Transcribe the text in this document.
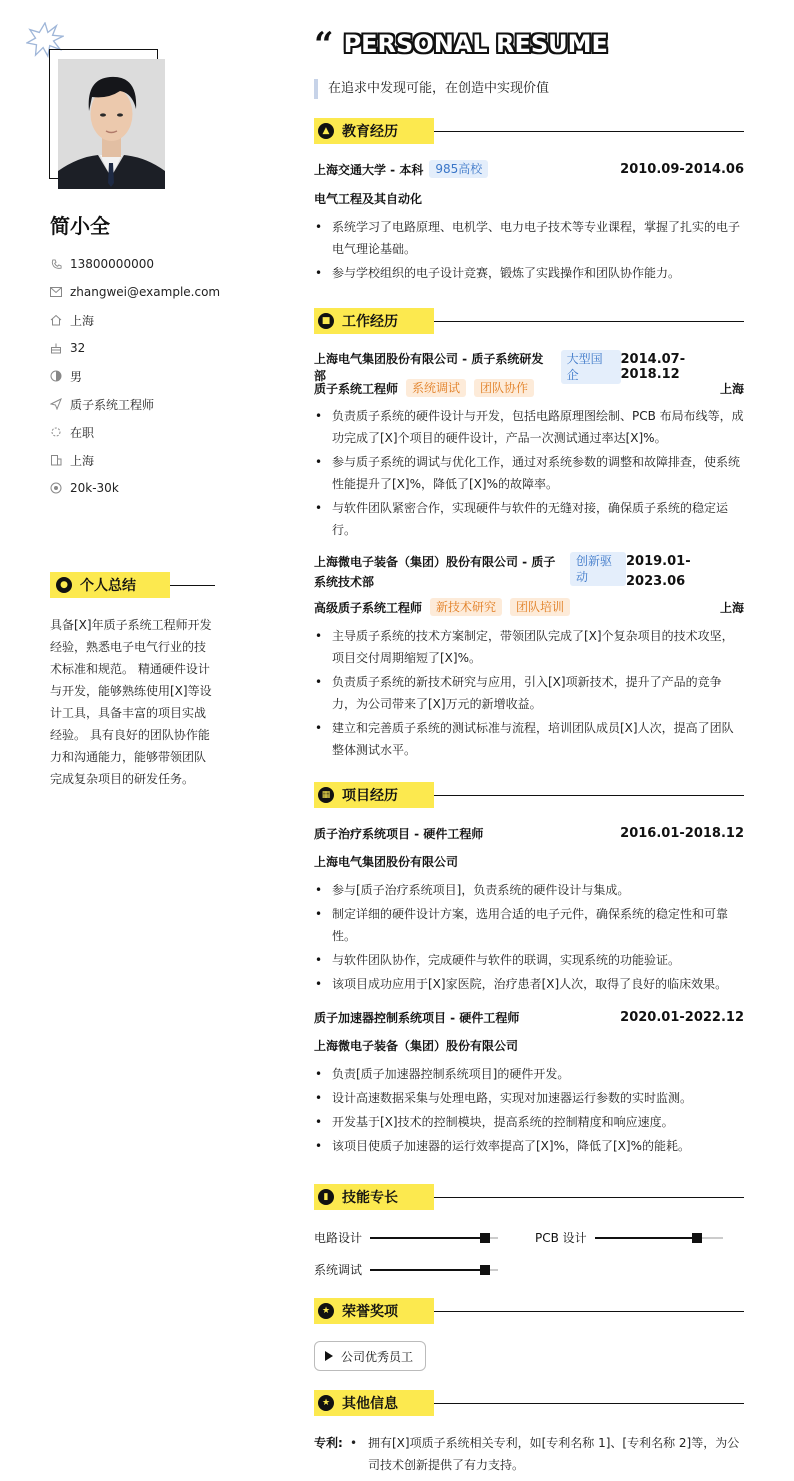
简小全
13800000000
zhangwei@example.com
上海
32
男
质子系统工程师
在职
上海
20k-30k
● 个人总结
具备[X]年质子系统工程师开发经验，熟悉电子电气行业的技术标准和规范。 精通硬件设计与开发，能够熟练使用[X]等设计工具，具备丰富的项目实战经验。 具有良好的团队协作能力和沟通能力，能够带领团队完成复杂项目的研发任务。
“ PERSONAL RESUME
在追求中发现可能，在创造中实现价值
▲ 教育经历
上海交通大学 - 本科	985高校	2010.09-2014.06
电气工程及其自动化
• 系统学习了电路原理、电机学、电力电子技术等专业课程，掌握了扎实的电子电气理论基础。
• 参与学校组织的电子设计竞赛，锻炼了实践操作和团队协作能力。
■ 工作经历
上海电气集团股份有限公司 - 质子系统研发部
大型国企
2014.07-2018.12
质子系统工程师	系统调试	团队协作	上海
• 负责质子系统的硬件设计与开发，包括电路原理图绘制、PCB 布局布线等，成功完成了[X]个项目的硬件设计，产品一次测试通过率达[X]%。
• 参与质子系统的调试与优化工作，通过对系统参数的调整和故障排查，使系统性能提升了[X]%，降低了[X]%的故障率。
• 与软件团队紧密合作，实现硬件与软件的无缝对接，确保质子系统的稳定运行。
上海微电子装备（集团）股份有限公司 - 质子系统技术部
创新驱动
2019.01-2023.06
高级质子系统工程师	新技术研究	团队培训	上海
• 主导质子系统的技术方案制定，带领团队完成了[X]个复杂项目的技术攻坚，项目交付周期缩短了[X]%。
• 负责质子系统的新技术研究与应用，引入[X]项新技术，提升了产品的竞争力，为公司带来了[X]万元的新增收益。
• 建立和完善质子系统的测试标准与流程，培训团队成员[X]人次，提高了团队整体测试水平。
▦ 项目经历
质子治疗系统项目 - 硬件工程师	2016.01-2018.12
上海电气集团股份有限公司
• 参与[质子治疗系统项目]，负责系统的硬件设计与集成。
• 制定详细的硬件设计方案，选用合适的电子元件，确保系统的稳定性和可靠性。
• 与软件团队协作，完成硬件与软件的联调，实现系统的功能验证。
• 该项目成功应用于[X]家医院，治疗患者[X]人次，取得了良好的临床效果。
质子加速器控制系统项目 - 硬件工程师	2020.01-2022.12
上海微电子装备（集团）股份有限公司
• 负责[质子加速器控制系统项目]的硬件开发。
• 设计高速数据采集与处理电路，实现对加速器运行参数的实时监测。
• 开发基于[X]技术的控制模块，提高系统的控制精度和响应速度。
• 该项目使质子加速器的运行效率提高了[X]%，降低了[X]%的能耗。
▮ 技能专长
电路设计	PCB 设计
系统调试
★ 荣誉奖项
公司优秀员工
★ 其他信息
专利:
•	拥有[X]项质子系统相关专利，如[专利名称 1]、[专利名称 2]等，为公司技术创新提供了有力支持。
